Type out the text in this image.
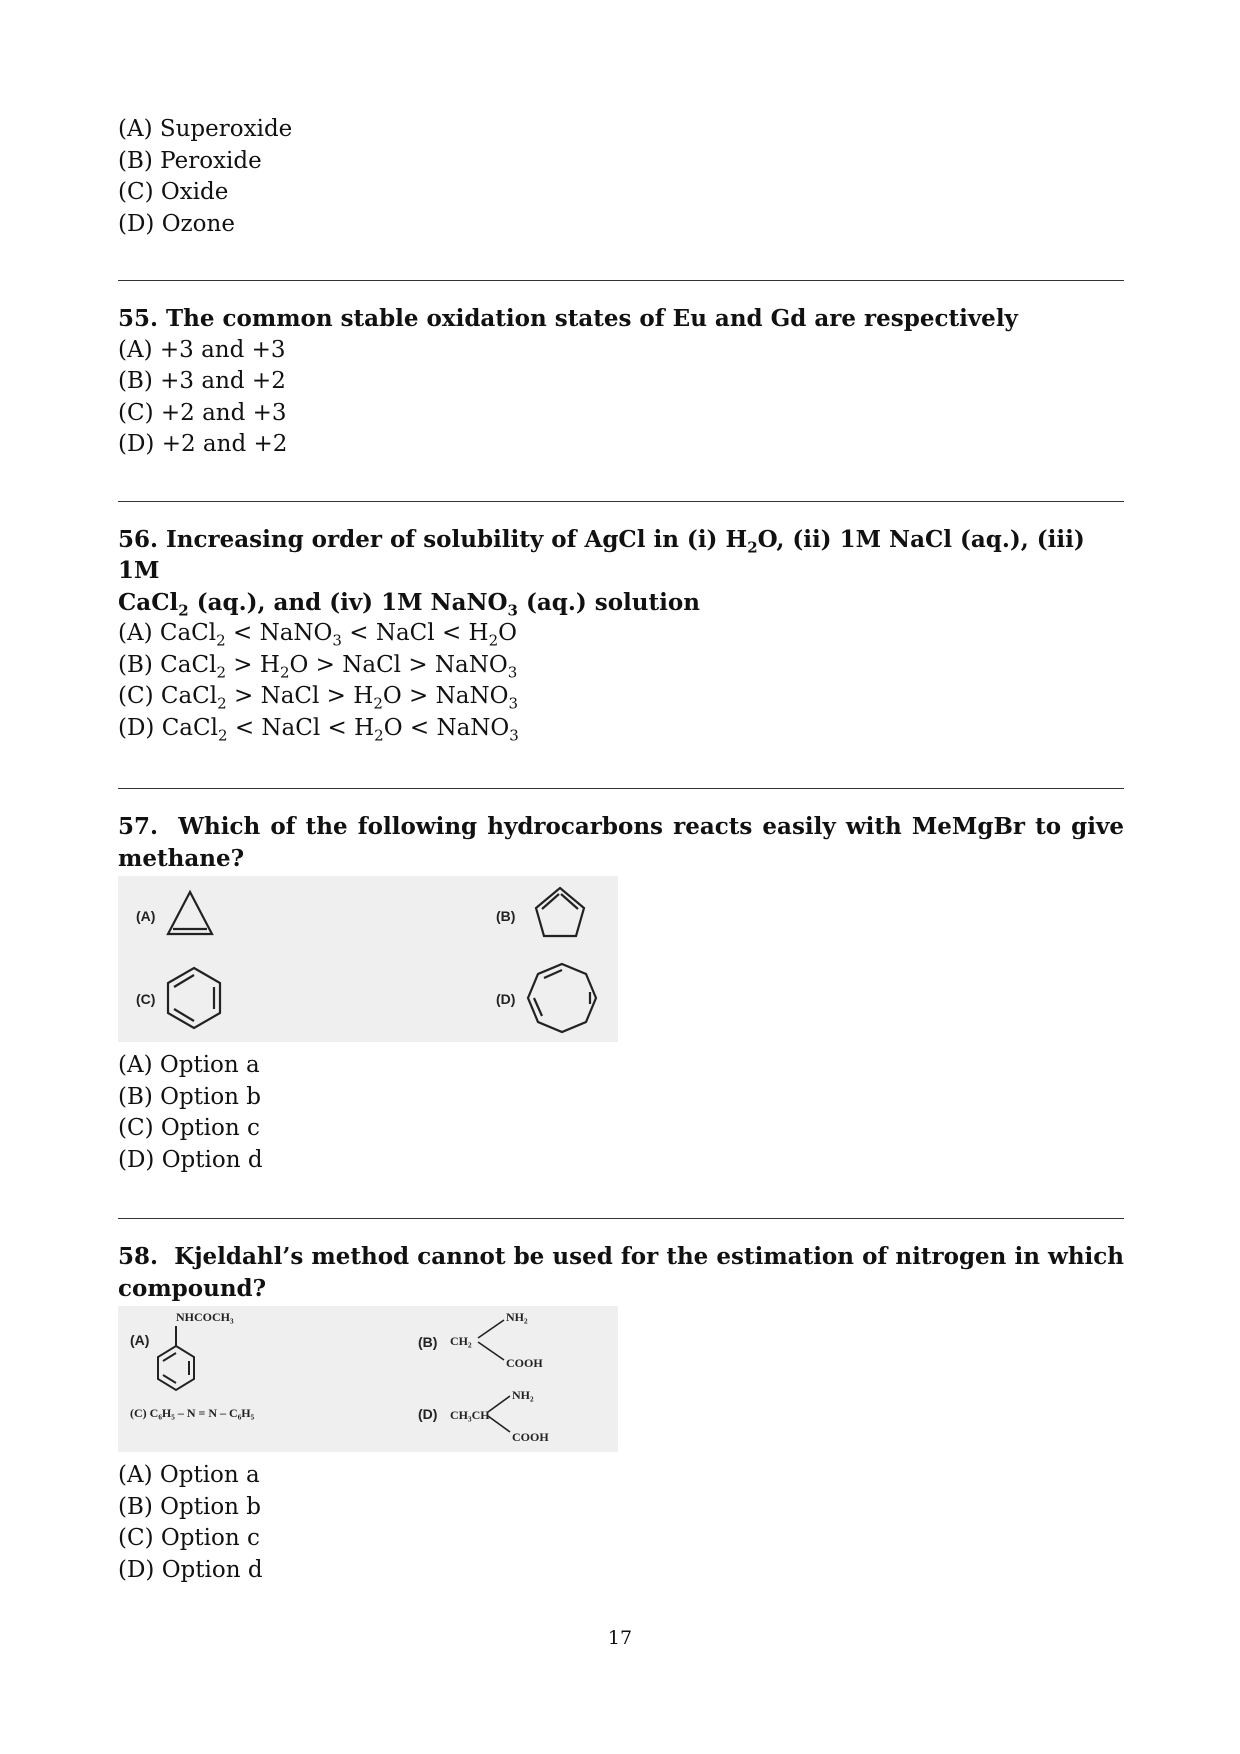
(A) Superoxide
(B) Peroxide
(C) Oxide
(D) Ozone
55. The common stable oxidation states of Eu and Gd are respectively
(A) +3 and +3
(B) +3 and +2
(C) +2 and +3
(D) +2 and +2
56. Increasing order of solubility of AgCl in (i) $H_2O$, (ii) 1M NaCl (aq.), (iii) 1M
CaCl$_2$ (aq.), and (iv) 1M NaNO$_3$ (aq.) solution
(A) CaCl$_2$ < NaNO$_3$ < NaCl < $H_2O$
(B) CaCl$_2$ > $H_2O$ > NaCl > NaNO$_3$
(C) CaCl$_2$ > NaCl > $H_2O$ > NaNO$_3$
(D) CaCl$_2$ < NaCl < $H_2O$ < NaNO$_3$
57. Which of the following hydrocarbons reacts easily with MeMgBr to give methane?
(A)	(B)
(C)	(D)
(A) Option a
(B) Option b
(C) Option c
(D) Option d
58. Kjeldahl’s method cannot be used for the estimation of nitrogen in which compound?
(A)
NHCOCH₃
(B) CH₂
NH₂
COOH
(C) C₆H₅ – N = N – C₆H₅	(D) CH₃CH
NH₂
COOH
(A) Option a
(B) Option b
(C) Option c
(D) Option d
17
